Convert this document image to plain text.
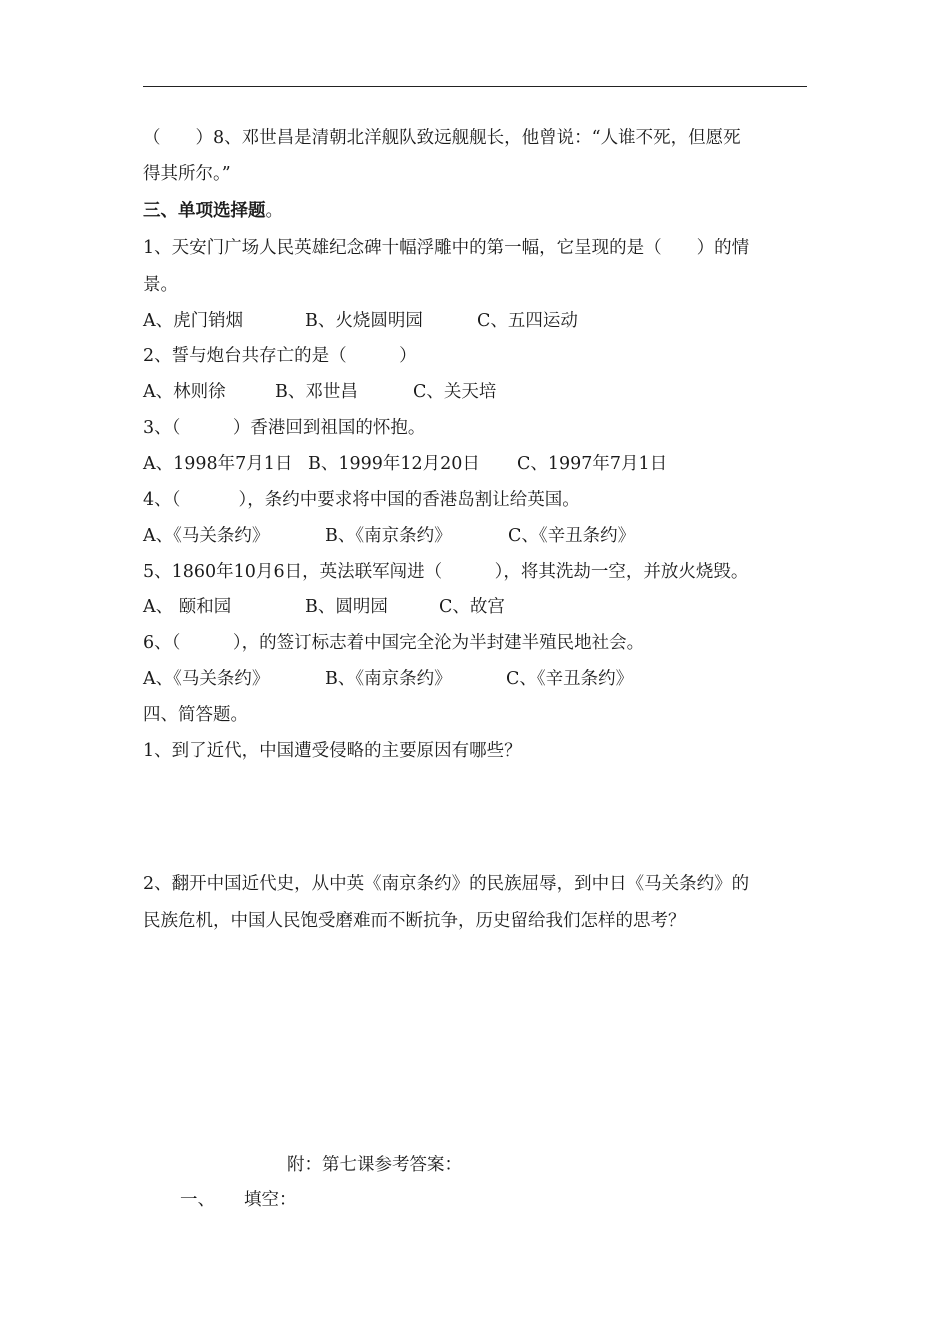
（　　）8、邓世昌是清朝北洋舰队致远舰舰长，他曾说：“人谁不死，但愿死
得其所尔。”
三、单项选择题。
1、天安门广场人民英雄纪念碑十幅浮雕中的第一幅，它呈现的是（　　）的情
景。
A、虎门销烟	B、火烧圆明园	C、五四运动
2、誓与炮台共存亡的是（　　　）
A、林则徐	B、邓世昌	C、关天培
3、（　　　）香港回到祖国的怀抱。
A、1998年7月1日 B、1999年12月20日 C、1997年7月1日
4、（　　　 ），条约中要求将中国的香港岛割让给英国。
A、《马关条约》	B、《南京条约》	C、《辛丑条约》
5、1860年10月6日，英法联军闯进（　　　），将其洗劫一空，并放火烧毁。
A、 颐和园	B、圆明园	C、故宫
6、（　　　），的签订标志着中国完全沦为半封建半殖民地社会。
A、《马关条约》	B、《南京条约》	C、《辛丑条约》
四、简答题。
1、到了近代，中国遭受侵略的主要原因有哪些？
2、翻开中国近代史，从中英《南京条约》的民族屈辱，到中日《马关条约》的
民族危机，中国人民饱受磨难而不断抗争，历史留给我们怎样的思考？
附：第七课参考答案：
一、 填空：
